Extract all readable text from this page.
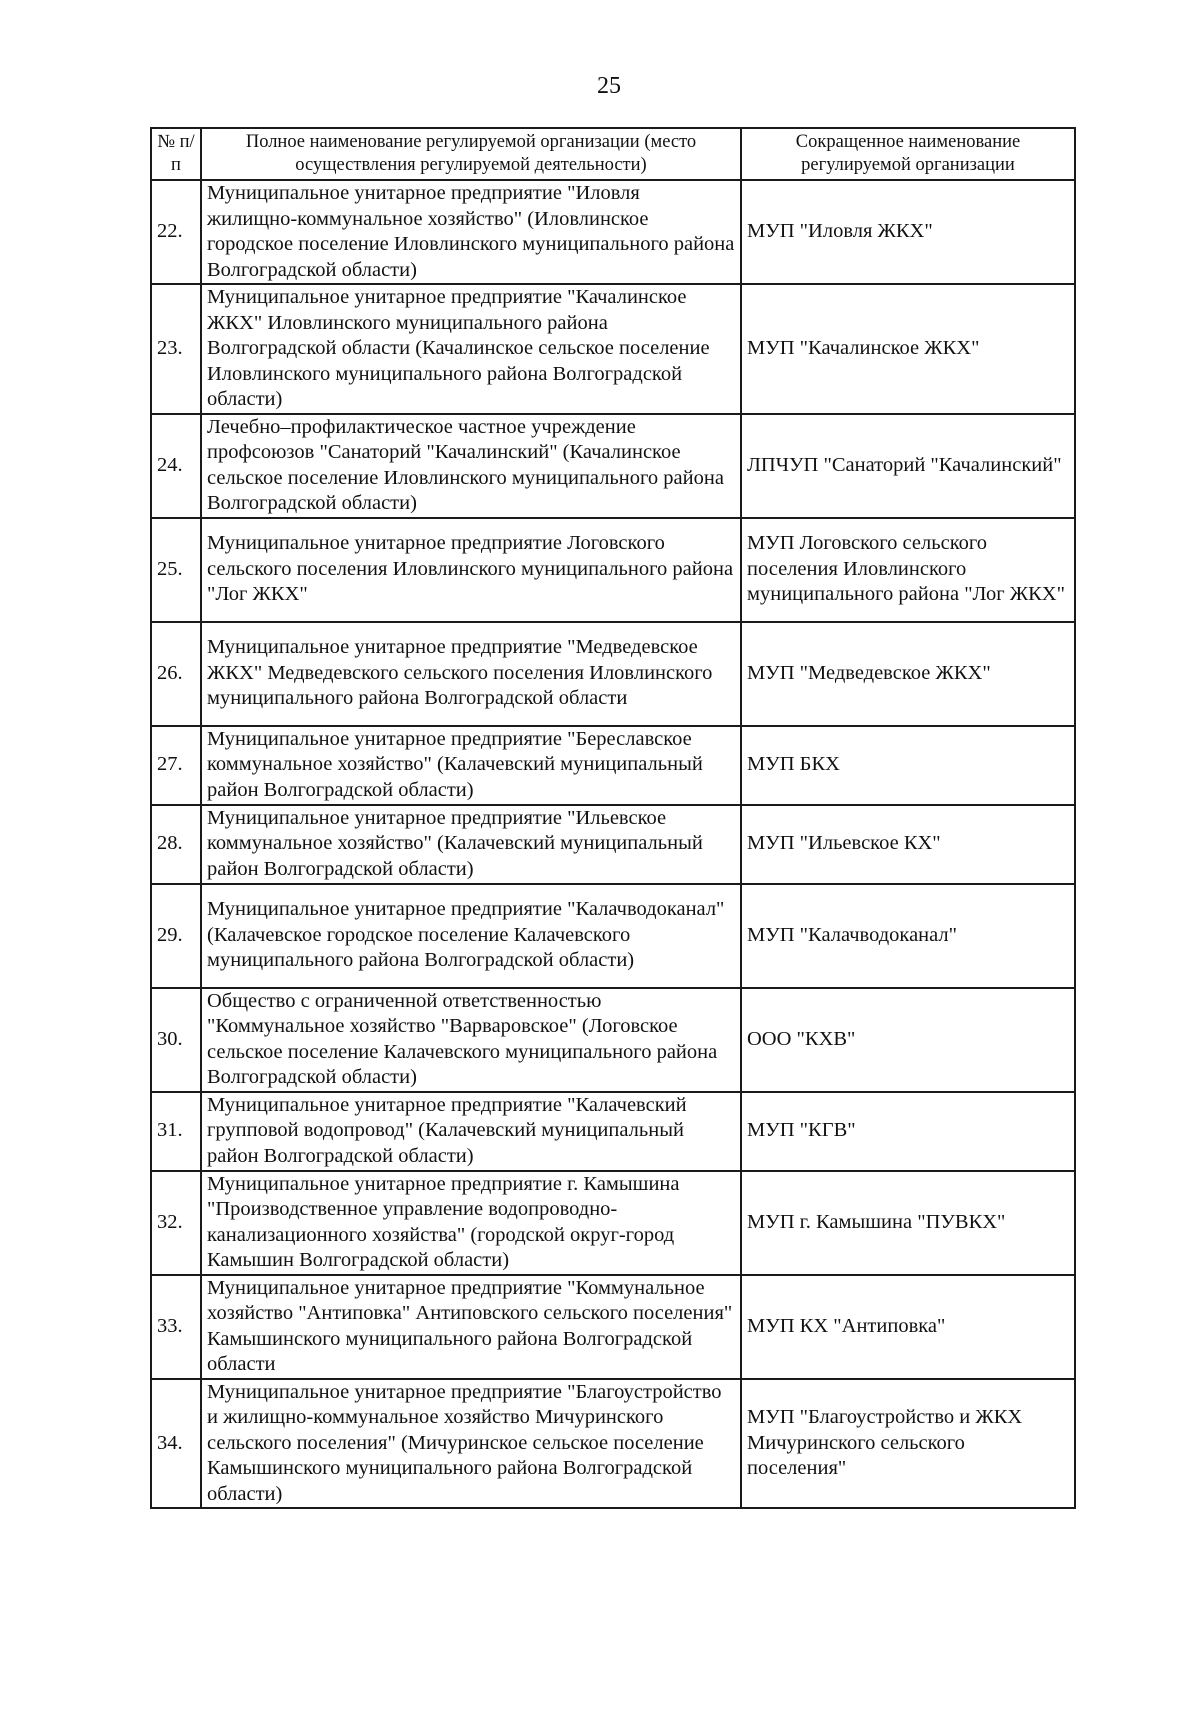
25
№ п/п	Полное наименование регулируемой организации (место осуществления регулируемой деятельности)	Сокращенное наименование регулируемой организации
22.	Муниципальное унитарное предприятие "Иловля жилищно-коммунальное хозяйство" (Иловлинское городское поселение Иловлинского муниципального района Волгоградской области)	МУП "Иловля ЖКХ"
23.	Муниципальное унитарное предприятие "Качалинское ЖКХ" Иловлинского муниципального района Волгоградской области (Качалинское сельское поселение Иловлинского муниципального района Волгоградской области)	МУП "Качалинское ЖКХ"
24.	Лечебно–профилактическое частное учреждение профсоюзов "Санаторий "Качалинский" (Качалинское сельское поселение Иловлинского муниципального района Волгоградской области)	ЛПЧУП "Санаторий "Качалинский"
25.	Муниципальное унитарное предприятие Логовского сельского поселения Иловлинского муниципального района "Лог ЖКХ"	МУП Логовского сельского поселения Иловлинского муниципального района "Лог ЖКХ"
26.	Муниципальное унитарное предприятие "Медведевское ЖКХ" Медведевского сельского поселения Иловлинского муниципального района Волгоградской области	МУП "Медведевское ЖКХ"
27.	Муниципальное унитарное предприятие "Береславское коммунальное хозяйство" (Калачевский муниципальный район Волгоградской области)	МУП БКХ
28.	Муниципальное унитарное предприятие "Ильевское коммунальное хозяйство" (Калачевский муниципальный район Волгоградской области)	МУП "Ильевское КХ"
29.	Муниципальное унитарное предприятие "Калачводоканал" (Калачевское городское поселение Калачевского муниципального района Волгоградской области)	МУП "Калачводоканал"
30.	Общество с ограниченной ответственностью "Коммунальное хозяйство "Варваровское" (Логовское сельское поселение Калачевского муниципального района Волгоградской области)	ООО "КХВ"
31.	Муниципальное унитарное предприятие "Калачевский групповой водопровод" (Калачевский муниципальный район Волгоградской области)	МУП "КГВ"
32.	Муниципальное унитарное предприятие г. Камышина "Производственное управление водопроводно-канализационного хозяйства" (городской округ-город Камышин Волгоградской области)	МУП г. Камышина "ПУВКХ"
33.	Муниципальное унитарное предприятие "Коммунальное хозяйство "Антиповка" Антиповского сельского поселения" Камышинского муниципального района Волгоградской области	МУП КХ "Антиповка"
34.	Муниципальное унитарное предприятие "Благоустройство и жилищно-коммунальное хозяйство Мичуринского сельского поселения" (Мичуринское сельское поселение Камышинского муниципального района Волгоградской области)	МУП "Благоустройство и ЖКХ Мичуринского сельского поселения"
